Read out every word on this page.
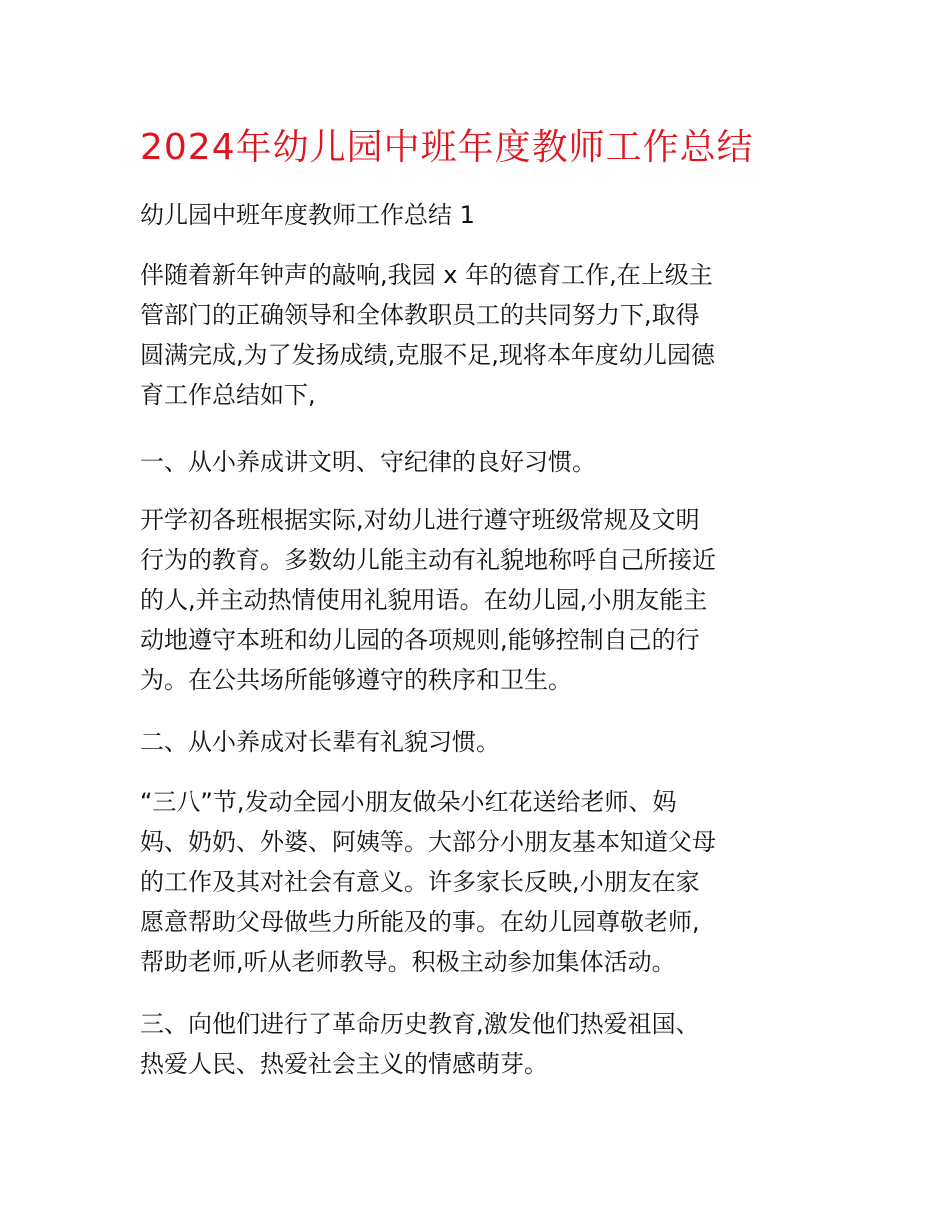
2024年幼儿园中班年度教师工作总结
幼儿园中班年度教师工作总结 1
伴随着新年钟声的敲响,我园 x 年的德育工作,在上级主
管部门的正确领导和全体教职员工的共同努力下,取得
圆满完成,为了发扬成绩,克服不足,现将本年度幼儿园德
育工作总结如下,
一、从小养成讲文明、守纪律的良好习惯。
开学初各班根据实际,对幼儿进行遵守班级常规及文明
行为的教育。多数幼儿能主动有礼貌地称呼自己所接近
的人,并主动热情使用礼貌用语。在幼儿园,小朋友能主
动地遵守本班和幼儿园的各项规则,能够控制自己的行
为。在公共场所能够遵守的秩序和卫生。
二、从小养成对长辈有礼貌习惯。
“三八”节,发动全园小朋友做朵小红花送给老师、妈
妈、奶奶、外婆、阿姨等。大部分小朋友基本知道父母
的工作及其对社会有意义。许多家长反映,小朋友在家
愿意帮助父母做些力所能及的事。在幼儿园尊敬老师,
帮助老师,听从老师教导。积极主动参加集体活动。
三、向他们进行了革命历史教育,激发他们热爱祖国、
热爱人民、热爱社会主义的情感萌芽。
